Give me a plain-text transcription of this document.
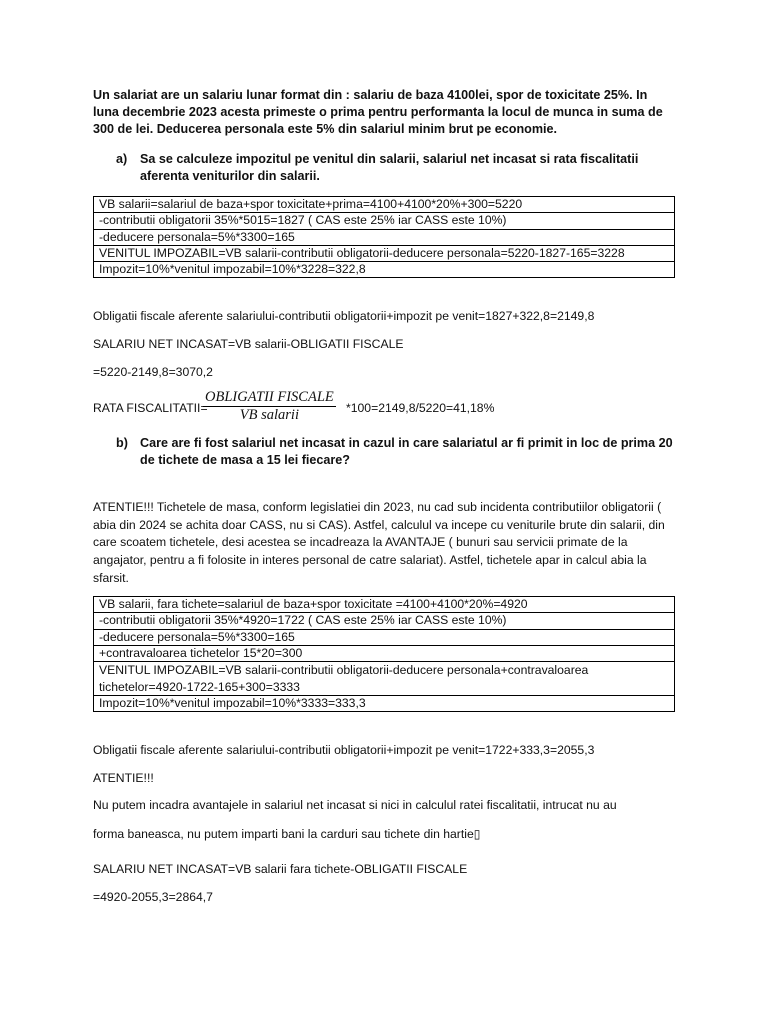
Un salariat are un salariu lunar format din : salariu de baza 4100lei, spor de toxicitate 25%. In luna decembrie 2023 acesta primeste o prima pentru performanta la locul de munca in suma de 300 de lei. Deducerea personala este 5% din salariul minim brut pe economie.
a) Sa se calculeze impozitul pe venitul din salarii, salariul net incasat si rata fiscalitatii aferenta veniturilor din salarii.
VB salarii=salariul de baza+spor toxicitate+prima=4100+4100*20%+300=5220
-contributii obligatorii 35%*5015=1827 ( CAS este 25% iar CASS este 10%)
-deducere personala=5%*3300=165
VENITUL IMPOZABIL=VB salarii-contributii obligatorii-deducere personala=5220-1827-165=3228
Impozit=10%*venitul impozabil=10%*3228=322,8
Obligatii fiscale aferente salariului-contributii obligatorii+impozit pe venit=1827+322,8=2149,8
SALARIU NET INCASAT=VB salarii-OBLIGATII FISCALE
=5220-2149,8=3070,2
RATA FISCALITATII=
OBLIGATII FISCALE
VB salarii	*100=2149,8/5220=41,18%
b) Care are fi fost salariul net incasat in cazul in care salariatul ar fi primit in loc de prima 20 de tichete de masa a 15 lei fiecare?
ATENTIE!!! Tichetele de masa, conform legislatiei din 2023, nu cad sub incidenta contributiilor obligatorii ( abia din 2024 se achita doar CASS, nu si CAS). Astfel, calculul va incepe cu veniturile brute din salarii, din care scoatem tichetele, desi acestea se incadreaza la AVANTAJE ( bunuri sau servicii primate de la angajator, pentru a fi folosite in interes personal de catre salariat). Astfel, tichetele apar in calcul abia la sfarsit.
VB salarii, fara tichete=salariul de baza+spor toxicitate =4100+4100*20%=4920
-contributii obligatorii 35%*4920=1722 ( CAS este 25% iar CASS este 10%)
-deducere personala=5%*3300=165
+contravaloarea tichetelor 15*20=300
VENITUL IMPOZABIL=VB salarii-contributii obligatorii-deducere personala+contravaloarea tichetelor=4920-1722-165+300=3333
Impozit=10%*venitul impozabil=10%*3333=333,3
Obligatii fiscale aferente salariului-contributii obligatorii+impozit pe venit=1722+333,3=2055,3
ATENTIE!!!
Nu putem incadra avantajele in salariul net incasat si nici in calculul ratei fiscalitatii, intrucat nu au
forma baneasca, nu putem imparti bani la carduri sau tichete din hartie▯
SALARIU NET INCASAT=VB salarii fara tichete-OBLIGATII FISCALE
=4920-2055,3=2864,7
